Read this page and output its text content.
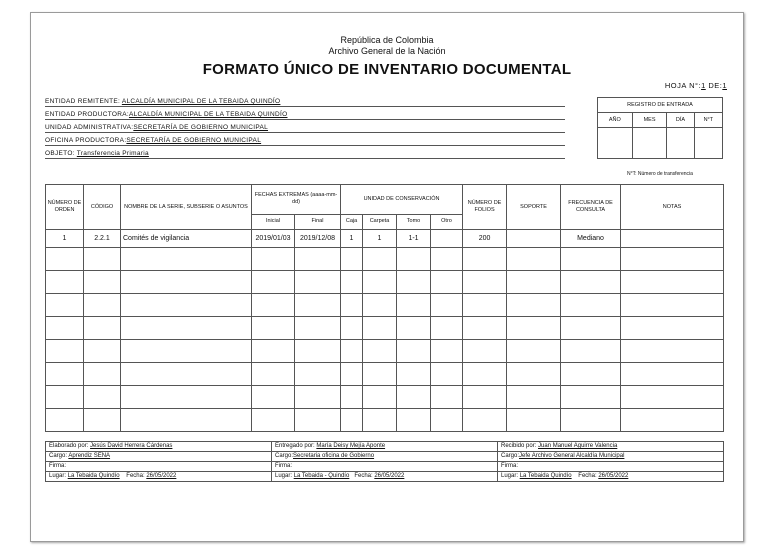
República de Colombia
Archivo General de la Nación
FORMATO ÚNICO DE INVENTARIO DOCUMENTAL
HOJA N°:1 DE:1
ENTIDAD REMITENTE: ALCALDÍA MUNICIPAL DE LA TEBAIDA QUINDÍO
ENTIDAD PRODUCTORA:ALCALDÍA MUNICIPAL DE LA TEBAIDA QUINDÍO
UNIDAD ADMINISTRATIVA:SECRETARÍA DE GOBIERNO MUNICIPAL
OFICINA PRODUCTORA:SECRETARÍA DE GOBIERNO MUNICIPAL
OBJETO: Transferencia Primaria
REGISTRO DE ENTRADA			
AÑO	MES	DÍA	N°T

N°T: Número de transferencia
NÚMERO DE ORDEN	CÓDIGO	NOMBRE DE LA SERIE, SUBSERIE O ASUNTOS	FECHAS EXTREMAS (aaaa-mm-dd)		UNIDAD DE CONSERVACIÓN				NÚMERO DE FOLIOS	SOPORTE	FRECUENCIA DE CONSULTA	NOTAS
			Inicial	Final	Caja	Carpeta	Tomo	Otro				
1	2.2.1	Comités de vigilancia	2019/01/03	2019/12/08	1	1	1-1		200		Mediano	

Elaborado por: Jesús David Herrera Cárdenas	Entregado por: María Deisy Mejía Aponte	Recibido por: Juan Manuel Aguirre Valencia
Cargo: Aprendiz SENA	Cargo:Secretaria oficina de Gobierno	Cargo:Jefe Archivo General Alcaldía Municipal
Firma:	Firma:	Firma:
Lugar: La Tebaida Quindío Fecha: 26/05/2022	Lugar: La Tebaida - Quindío Fecha: 26/05/2022	Lugar: La Tebaida Quindío Fecha: 26/05/2022
